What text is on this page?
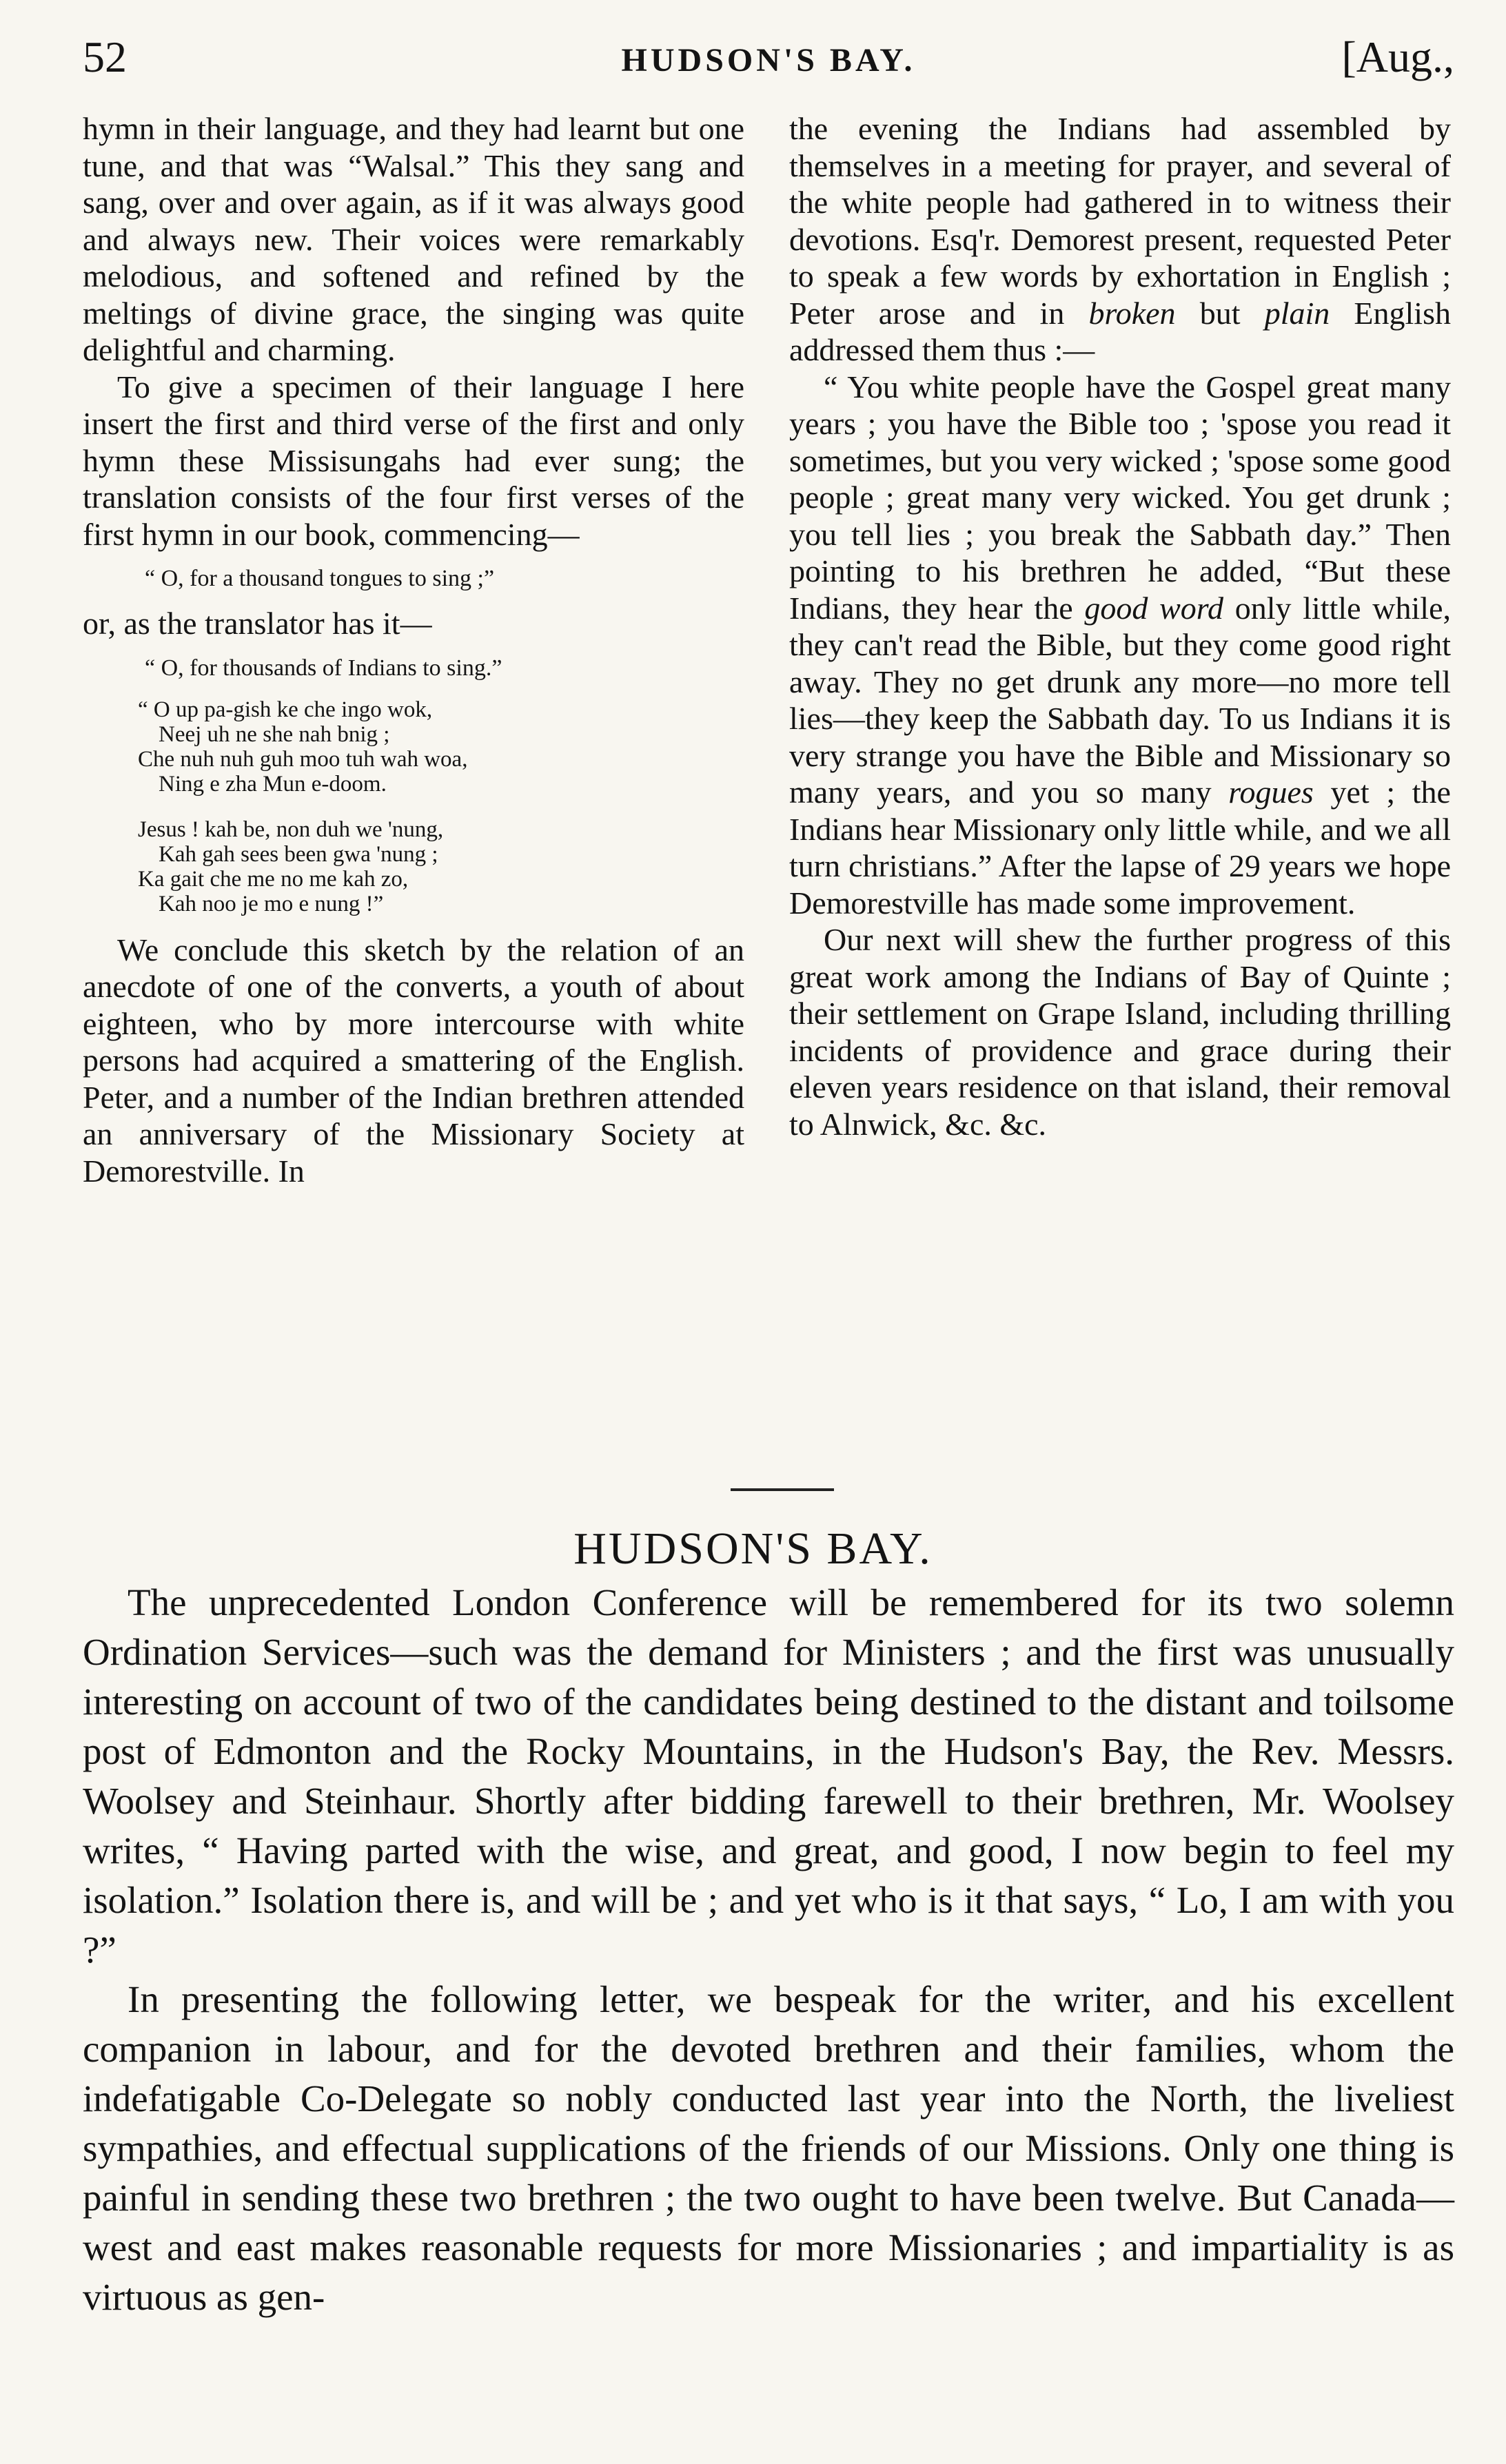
52	HUDSON'S BAY.	[Aug.,

hymn in their language, and they had learnt but one tune, and that was “Walsal.” This they sang and sang, over and over again, as if it was always good and always new. Their voices were remarkably melodious, and softened and refined by the meltings of divine grace, the singing was quite delightful and charming.

To give a specimen of their language I here insert the first and third verse of the first and only hymn these Missisungahs had ever sung; the translation consists of the four first verses of the first hymn in our book, commencing—

“ O, for a thousand tongues to sing ;”

or, as the translator has it—

“ O, for thousands of Indians to sing.”
“ O up pa-gish ke che ingo wok,
Neej uh ne she nah bnig ;
Che nuh nuh guh moo tuh wah woa,
Ning e zha Mun e-doom.
Jesus ! kah be, non duh we 'nung,
Kah gah sees been gwa 'nung ;
Ka gait che me no me kah zo,
Kah noo je mo e nung !”

We conclude this sketch by the relation of an anecdote of one of the converts, a youth of about eighteen, who by more intercourse with white persons had acquired a smattering of the English. Peter, and a number of the Indian brethren attended an anniversary of the Missionary Society at Demorestville. In

the evening the Indians had assembled by themselves in a meeting for prayer, and several of the white people had gathered in to witness their devotions. Esq'r. Demorest present, requested Peter to speak a few words by exhortation in English ; Peter arose and in broken but plain English addressed them thus :—

“ You white people have the Gospel great many years ; you have the Bible too ; 'spose you read it sometimes, but you very wicked ; 'spose some good people ; great many very wicked. You get drunk ; you tell lies ; you break the Sabbath day.” Then pointing to his brethren he added, “But these Indians, they hear the good word only little while, they can't read the Bible, but they come good right away. They no get drunk any more—no more tell lies—they keep the Sabbath day. To us Indians it is very strange you have the Bible and Missionary so many years, and you so many rogues yet ; the Indians hear Missionary only little while, and we all turn christians.” After the lapse of 29 years we hope Demorestville has made some improvement.

Our next will shew the further progress of this great work among the Indians of Bay of Quinte ; their settlement on Grape Island, including thrilling incidents of providence and grace during their eleven years residence on that island, their removal to Alnwick, &c. &c.

HUDSON'S BAY.

The unprecedented London Conference will be remembered for its two solemn Ordination Services—such was the demand for Ministers ; and the first was unusually interesting on account of two of the candidates being destined to the distant and toilsome post of Edmonton and the Rocky Mountains, in the Hudson's Bay, the Rev. Messrs. Woolsey and Steinhaur. Shortly after bidding farewell to their brethren, Mr. Woolsey writes, “ Having parted with the wise, and great, and good, I now begin to feel my isolation.” Isolation there is, and will be ; and yet who is it that says, “ Lo, I am with you ?”

In presenting the following letter, we bespeak for the writer, and his excellent companion in labour, and for the devoted brethren and their families, whom the indefatigable Co-Delegate so nobly conducted last year into the North, the liveliest sympathies, and effectual supplications of the friends of our Missions. Only one thing is painful in sending these two brethren ; the two ought to have been twelve. But Canada—west and east makes reasonable requests for more Missionaries ; and impartiality is as virtuous as gen-
